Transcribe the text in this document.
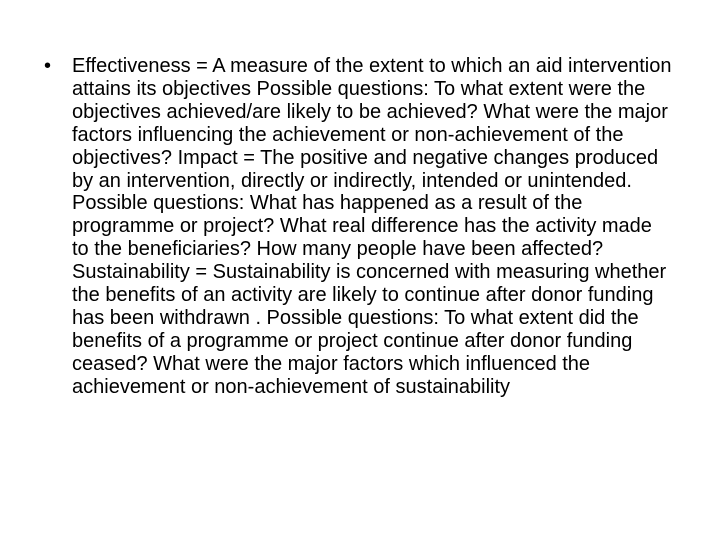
• Effectiveness = A measure of the extent to which an aid intervention attains its objectives Possible questions: To what extent were the objectives achieved/are likely to be achieved? What were the major factors influencing the achievement or non-achievement of the objectives? Impact = The positive and negative changes produced by an intervention, directly or indirectly, intended or unintended. Possible questions: What has happened as a result of the programme or project? What real difference has the activity made to the beneficiaries? How many people have been affected? Sustainability = Sustainability is concerned with measuring whether the benefits of an activity are likely to continue after donor funding has been withdrawn . Possible questions: To what extent did the benefits of a programme or project continue after donor funding ceased? What were the major factors which influenced the achievement or non-achievement of sustainability
